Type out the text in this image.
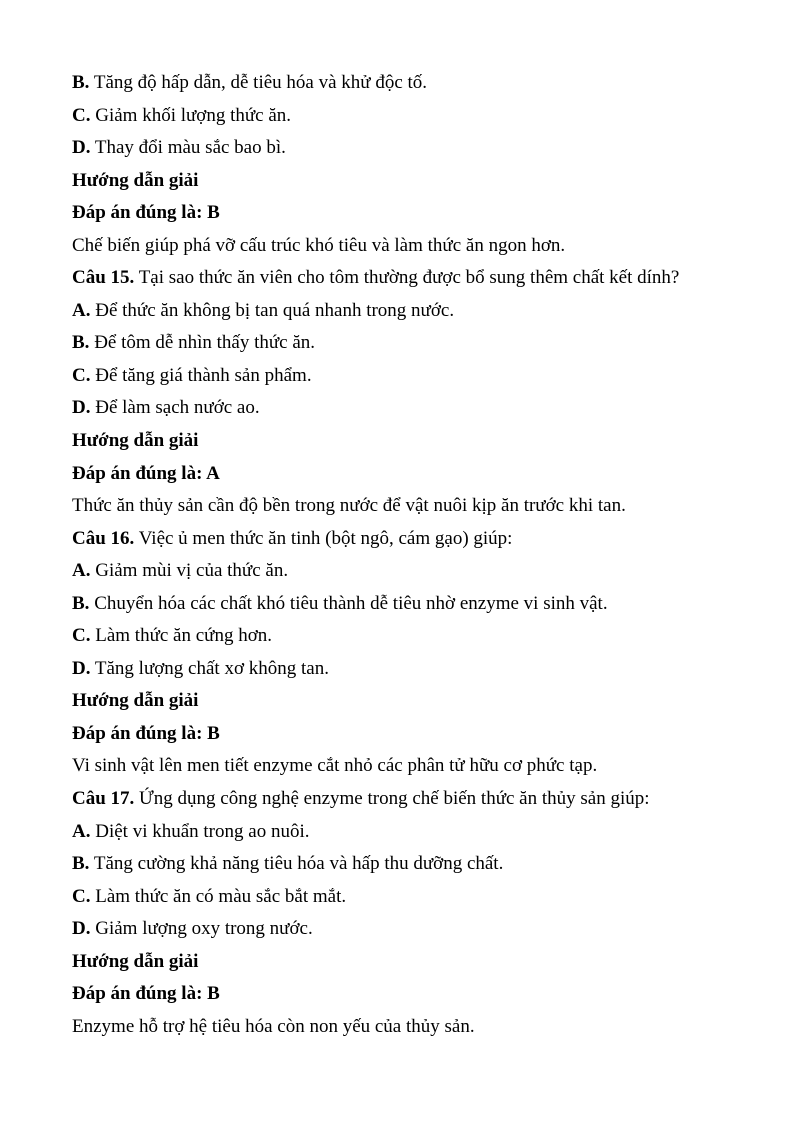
B. Tăng độ hấp dẫn, dễ tiêu hóa và khử độc tố.

C. Giảm khối lượng thức ăn.

D. Thay đổi màu sắc bao bì.

Hướng dẫn giải

Đáp án đúng là: B

Chế biến giúp phá vỡ cấu trúc khó tiêu và làm thức ăn ngon hơn.

Câu 15. Tại sao thức ăn viên cho tôm thường được bổ sung thêm chất kết dính?

A. Để thức ăn không bị tan quá nhanh trong nước.

B. Để tôm dễ nhìn thấy thức ăn.

C. Để tăng giá thành sản phẩm.

D. Để làm sạch nước ao.

Hướng dẫn giải

Đáp án đúng là: A

Thức ăn thủy sản cần độ bền trong nước để vật nuôi kịp ăn trước khi tan.

Câu 16. Việc ủ men thức ăn tinh (bột ngô, cám gạo) giúp:

A. Giảm mùi vị của thức ăn.

B. Chuyển hóa các chất khó tiêu thành dễ tiêu nhờ enzyme vi sinh vật.

C. Làm thức ăn cứng hơn.

D. Tăng lượng chất xơ không tan.

Hướng dẫn giải

Đáp án đúng là: B

Vi sinh vật lên men tiết enzyme cắt nhỏ các phân tử hữu cơ phức tạp.

Câu 17. Ứng dụng công nghệ enzyme trong chế biến thức ăn thủy sản giúp:

A. Diệt vi khuẩn trong ao nuôi.

B. Tăng cường khả năng tiêu hóa và hấp thu dưỡng chất.

C. Làm thức ăn có màu sắc bắt mắt.

D. Giảm lượng oxy trong nước.

Hướng dẫn giải

Đáp án đúng là: B

Enzyme hỗ trợ hệ tiêu hóa còn non yếu của thủy sản.
